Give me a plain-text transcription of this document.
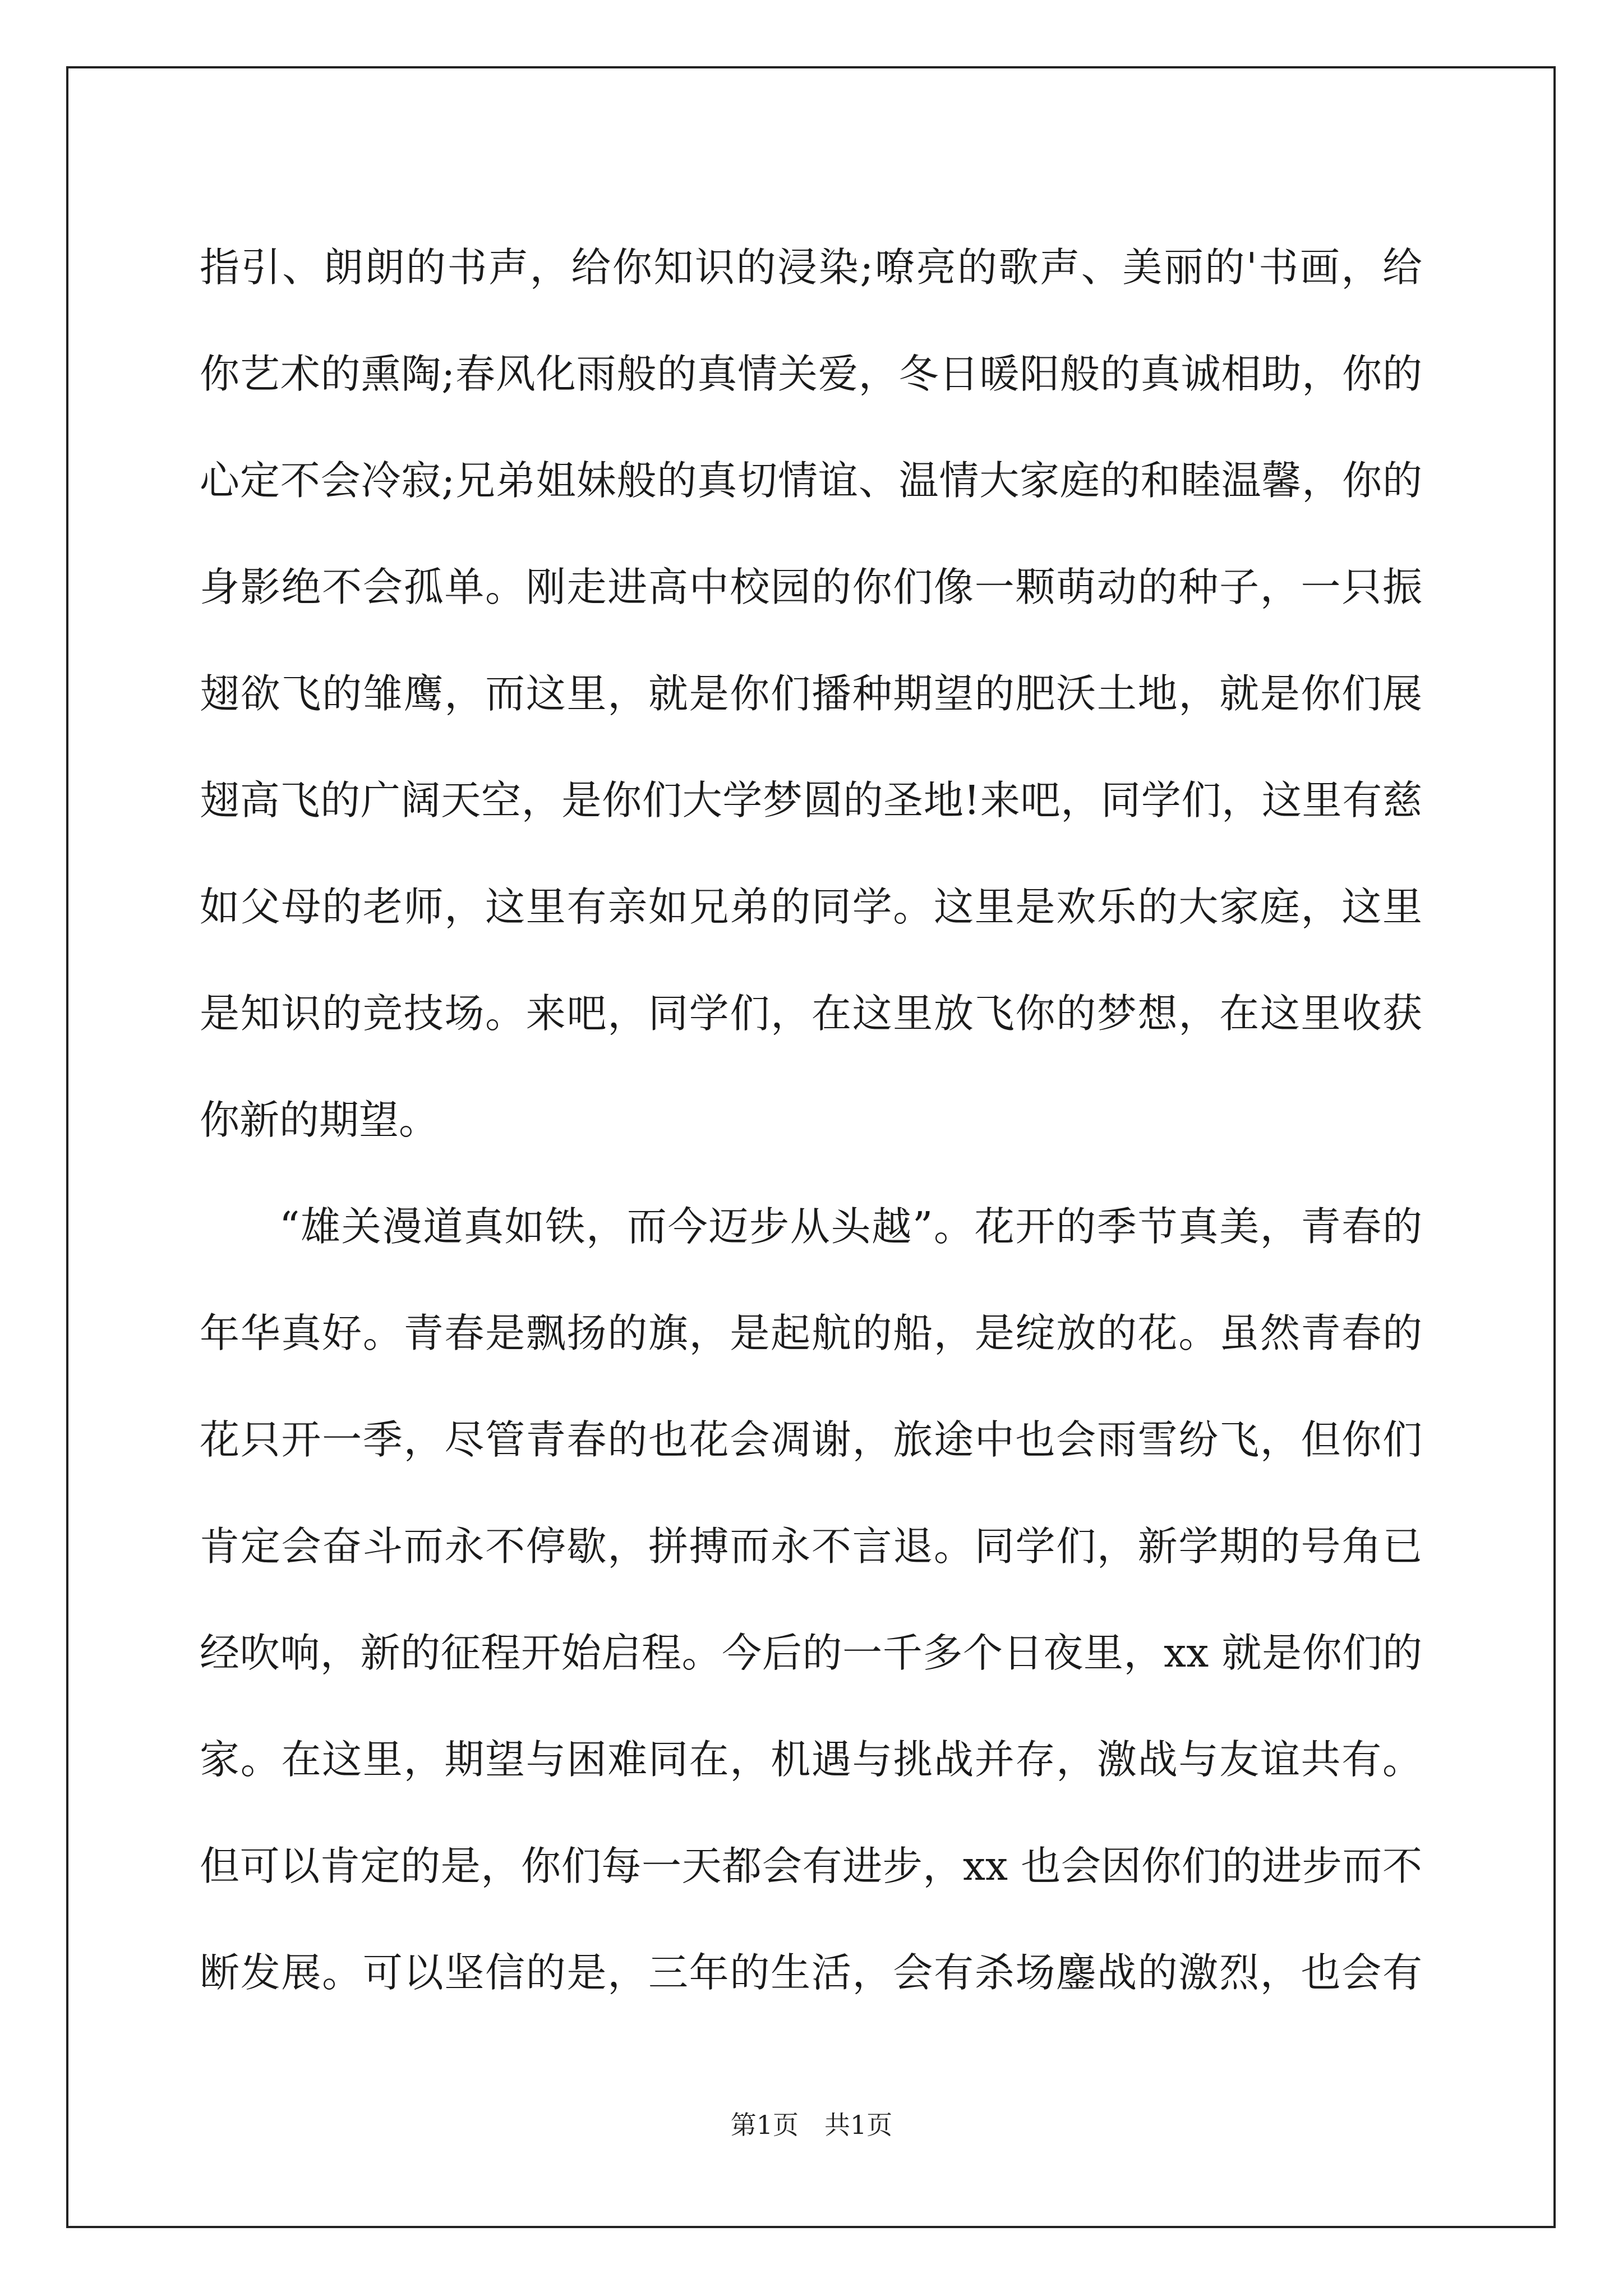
指引、朗朗的书声，给你知识的浸染;嘹亮的歌声、美丽的'书画，给
你艺术的熏陶;春风化雨般的真情关爱，冬日暖阳般的真诚相助，你的
心定不会冷寂;兄弟姐妹般的真切情谊、温情大家庭的和睦温馨，你的
身影绝不会孤单。刚走进高中校园的你们像一颗萌动的种子，一只振
翅欲飞的雏鹰，而这里，就是你们播种期望的肥沃土地，就是你们展
翅高飞的广阔天空，是你们大学梦圆的圣地!来吧，同学们，这里有慈
如父母的老师，这里有亲如兄弟的同学。这里是欢乐的大家庭，这里
是知识的竞技场。来吧，同学们，在这里放飞你的梦想，在这里收获
你新的期望。
“雄关漫道真如铁，而今迈步从头越”。花开的季节真美，青春的
年华真好。青春是飘扬的旗，是起航的船，是绽放的花。虽然青春的
花只开一季，尽管青春的也花会凋谢，旅途中也会雨雪纷飞，但你们
肯定会奋斗而永不停歇，拼搏而永不言退。同学们，新学期的号角已
经吹响，新的征程开始启程。今后的一千多个日夜里，xx 就是你们的
家。在这里，期望与困难同在，机遇与挑战并存，激战与友谊共有。
但可以肯定的是，你们每一天都会有进步，xx 也会因你们的进步而不
断发展。可以坚信的是，三年的生活，会有杀场鏖战的激烈，也会有
第1页　共1页
